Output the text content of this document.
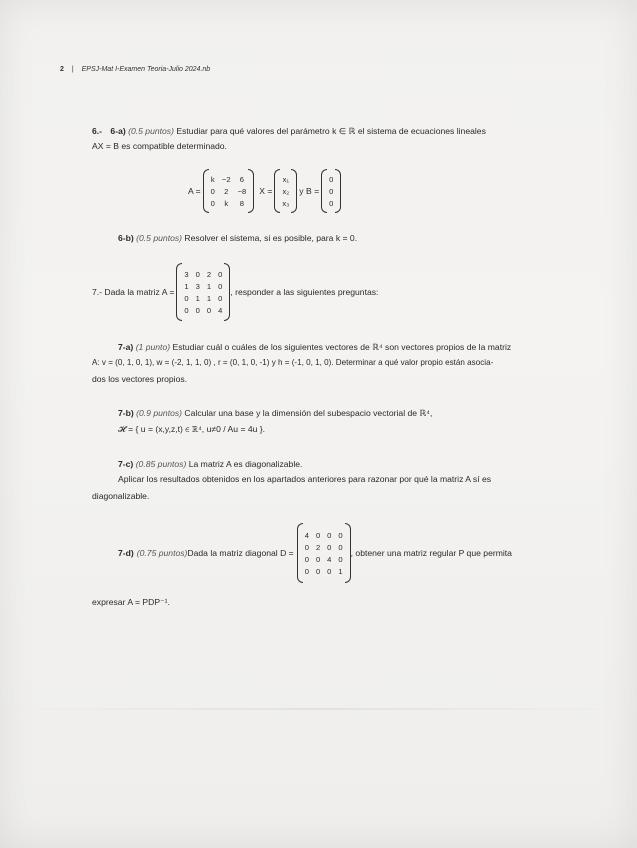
2 | EPSJ-Mat I-Examen Teoria-Julio 2024.nb
6.- 6-a) (0.5 puntos) Estudiar para qué valores del parámetro k ∈ ℝ el sistema de ecuaciones lineales
AX = B es compatible determinado.
A =
k −2 6
0 2 −8
0	k	8
X =
x₁
x₂
x₃
y B =
0
0
0
6-b) (0.5 puntos) Resolver el sistema, si es posible, para k = 0.
7.- Dada la matriz A =
3 0 2 0
1 3 1 0
0 1 1 0
0 0 0 4
, responder a las siguientes preguntas:
7-a) (1 punto) Estudiar cuál o cuáles de los siguientes vectores de ℝ⁴ son vectores propios de la matriz
A: v = (0, 1, 0, 1), w = (-2, 1, 1, 0) , r = (0, 1, 0, -1) y h = (-1, 0, 1, 0). Determinar a qué valor propio están asocia-
dos los vectores propios.
7-b) (0.9 puntos) Calcular una base y la dimensión del subespacio vectorial de ℝ⁴,
𝓗 = { u = (x,y,z,t) ∈ ℝ⁴, u≠0 / Au = 4u }.
7-c) (0.85 puntos) La matriz A es diagonalizable.
Aplicar los resultados obtenidos en los apartados anteriores para razonar por qué la matriz A sí es
diagonalizable.
7-d) (0.75 puntos) Dada la matriz diagonal D =
4 0 0 0
0 2 0 0
0 0 4 0
0 0 0 1
, obtener una matriz regular P que permita
expresar A = PDP⁻¹.
